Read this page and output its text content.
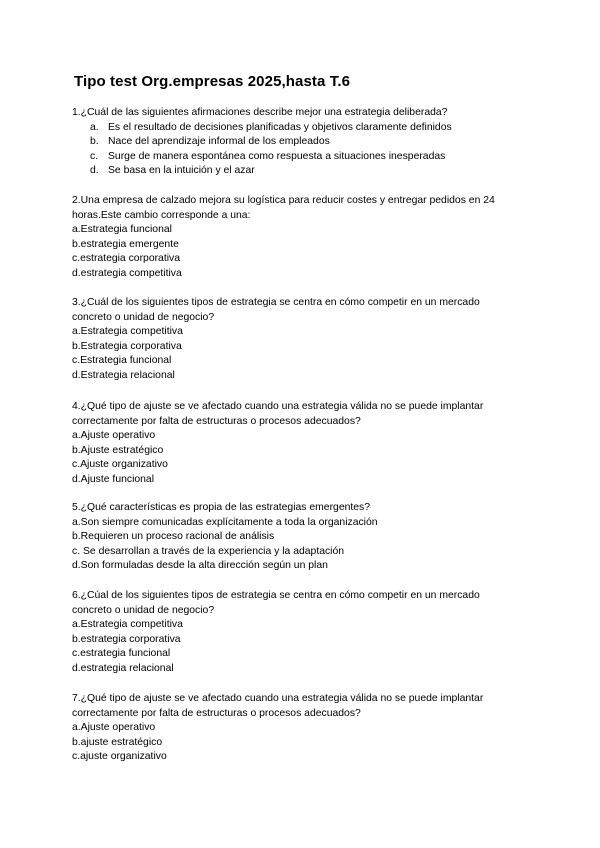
Tipo test Org.empresas 2025,hasta T.6

1.¿Cuál de las siguientes afirmaciones describe mejor una estrategia deliberada?

a. Es el resultado de decisiones planificadas y objetivos claramente definidos
b. Nace del aprendizaje informal de los empleados
c. Surge de manera espontánea como respuesta a situaciones inesperadas
d. Se basa en la intuición y el azar
2.Una empresa de calzado mejora su logística para reducir costes y entregar pedidos en 24
horas.Este cambio corresponde a una:
a.Estrategia funcional
b.estrategia emergente
c.estrategia corporativa
d.estrategia competitiva
3.¿Cuál de los siguientes tipos de estrategia se centra en cómo competir en un mercado
concreto o unidad de negocio?
a.Estrategia competitiva
b.Estrategia corporativa
c.Estrategia funcional
d.Estrategia relacional
4.¿Qué tipo de ajuste se ve afectado cuando una estrategia válida no se puede implantar
correctamente por falta de estructuras o procesos adecuados?
a.Ajuste operativo
b.Ajuste estratégico
c.Ajuste organizativo
d.Ajuste funcional
5.¿Qué características es propia de las estrategias emergentes?
a.Son siempre comunicadas explícitamente a toda la organización
b.Requieren un proceso racional de análisis
c. Se desarrollan a través de la experiencia y la adaptación
d.Son formuladas desde la alta dirección según un plan
6.¿Cúal de los siguientes tipos de estrategia se centra en cómo competir en un mercado
concreto o unidad de negocio?
a.Estrategia competitiva
b.estrategia corporativa
c.estrategia funcional
d.estrategia relacional
7.¿Qué tipo de ajuste se ve afectado cuando una estrategia válida no se puede implantar
correctamente por falta de estructuras o procesos adecuados?
a.Ajuste operativo
b.ajuste estratégico
c.ajuste organizativo
